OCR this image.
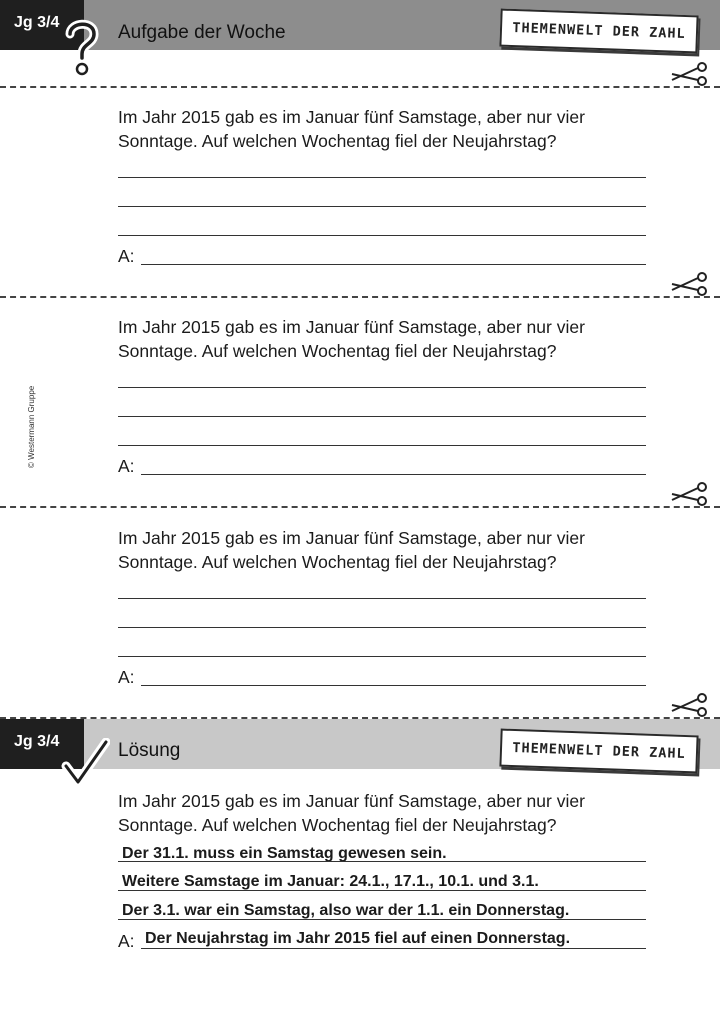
Jg 3/4	Aufgabe der Woche	THEMENWELT DER ZAHL
Im Jahr 2015 gab es im Januar fünf Samstage, aber nur vier
Sonntage. Auf welchen Wochentag fiel der Neujahrstag?
A:
Im Jahr 2015 gab es im Januar fünf Samstage, aber nur vier
Sonntage. Auf welchen Wochentag fiel der Neujahrstag?
A:
© Westermann Gruppe
Im Jahr 2015 gab es im Januar fünf Samstage, aber nur vier
Sonntage. Auf welchen Wochentag fiel der Neujahrstag?
A:
Jg 3/4	Lösung	THEMENWELT DER ZAHL
Im Jahr 2015 gab es im Januar fünf Samstage, aber nur vier
Sonntage. Auf welchen Wochentag fiel der Neujahrstag?
Der 31.1. muss ein Samstag gewesen sein.
Weitere Samstage im Januar: 24.1., 17.1., 10.1. und 3.1.
Der 3.1. war ein Samstag, also war der 1.1. ein Donnerstag.
A: Der Neujahrstag im Jahr 2015 fiel auf einen Donnerstag.
